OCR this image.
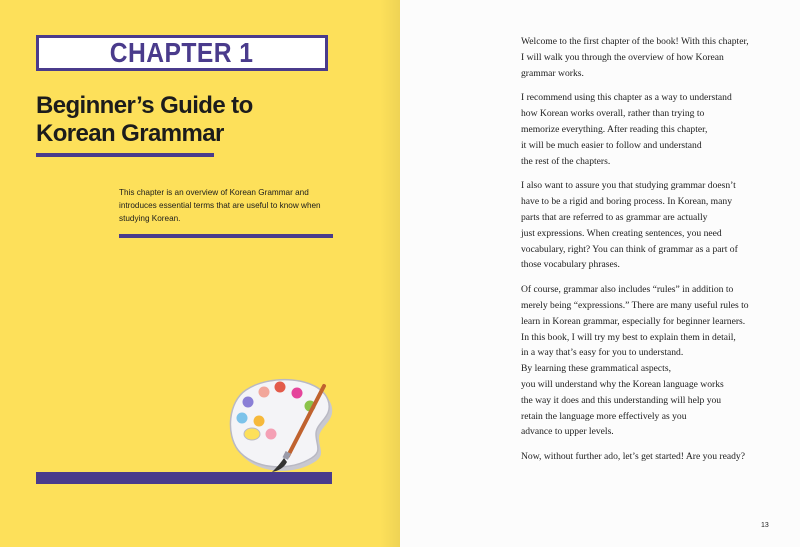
CHAPTER 1
Beginner’s Guide to
Korean Grammar
This chapter is an overview of Korean Grammar and
introduces essential terms that are useful to know when
studying Korean.

Welcome to the first chapter of the book! With this chapter,
I will walk you through the overview of how Korean
grammar works.

I recommend using this chapter as a way to understand
how Korean works overall, rather than trying to
memorize everything. After reading this chapter,
it will be much easier to follow and understand
the rest of the chapters.

I also want to assure you that studying grammar doesn’t
have to be a rigid and boring process. In Korean, many
parts that are referred to as grammar are actually
just expressions. When creating sentences, you need
vocabulary, right? You can think of grammar as a part of
those vocabulary phrases.

Of course, grammar also includes “rules” in addition to
merely being “expressions.” There are many useful rules to
learn in Korean grammar, especially for beginner learners.
In this book, I will try my best to explain them in detail,
in a way that’s easy for you to understand.
By learning these grammatical aspects,
you will understand why the Korean language works
the way it does and this understanding will help you
retain the language more effectively as you
advance to upper levels.

Now, without further ado, let’s get started! Are you ready?

13
